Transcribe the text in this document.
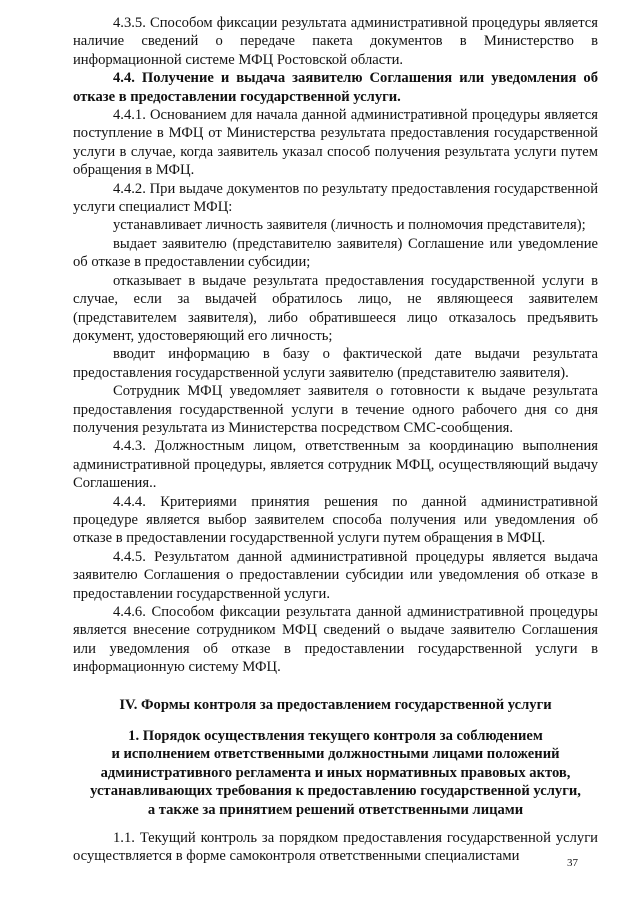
4.3.5. Способом фиксации результата административной процедуры является наличие сведений о передаче пакета документов в Министерство в информационной системе МФЦ Ростовской области.

4.4. Получение и выдача заявителю Соглашения или уведомления об отказе в предоставлении государственной услуги.

4.4.1. Основанием для начала данной административной процедуры является поступление в МФЦ от Министерства результата предоставления государственной услуги в случае, когда заявитель указал способ получения результата услуги путем обращения в МФЦ.

4.4.2. При выдаче документов по результату предоставления государственной услуги специалист МФЦ:

устанавливает личность заявителя (личность и полномочия представителя);

выдает заявителю (представителю заявителя) Соглашение или уведомление об отказе в предоставлении субсидии;

отказывает в выдаче результата предоставления государственной услуги в случае, если за выдачей обратилось лицо, не являющееся заявителем (представителем заявителя), либо обратившееся лицо отказалось предъявить документ, удостоверяющий его личность;

вводит информацию в базу о фактической дате выдачи результата предоставления государственной услуги заявителю (представителю заявителя).

Сотрудник МФЦ уведомляет заявителя о готовности к выдаче результата предоставления государственной услуги в течение одного рабочего дня со дня получения результата из Министерства посредством СМС-сообщения.

4.4.3. Должностным лицом, ответственным за координацию выполнения административной процедуры, является сотрудник МФЦ, осуществляющий выдачу Соглашения..

4.4.4. Критериями принятия решения по данной административной процедуре является выбор заявителем способа получения или уведомления об отказе в предоставлении государственной услуги путем обращения в МФЦ.

4.4.5. Результатом данной административной процедуры является выдача заявителю Соглашения о предоставлении субсидии или уведомления об отказе в предоставлении государственной услуги.

4.4.6. Способом фиксации результата данной административной процедуры является внесение сотрудником МФЦ сведений о выдаче заявителю Соглашения или уведомления об отказе в предоставлении государственной услуги в информационную систему МФЦ.

IV. Формы контроля за предоставлением государственной услуги

1. Порядок осуществления текущего контроля за соблюдением
и исполнением ответственными должностными лицами положений
административного регламента и иных нормативных правовых актов,
устанавливающих требования к предоставлению государственной услуги,
а также за принятием решений ответственными лицами

1.1. Текущий контроль за порядком предоставления государственной услуги осуществляется в форме самоконтроля ответственными специалистами	37
